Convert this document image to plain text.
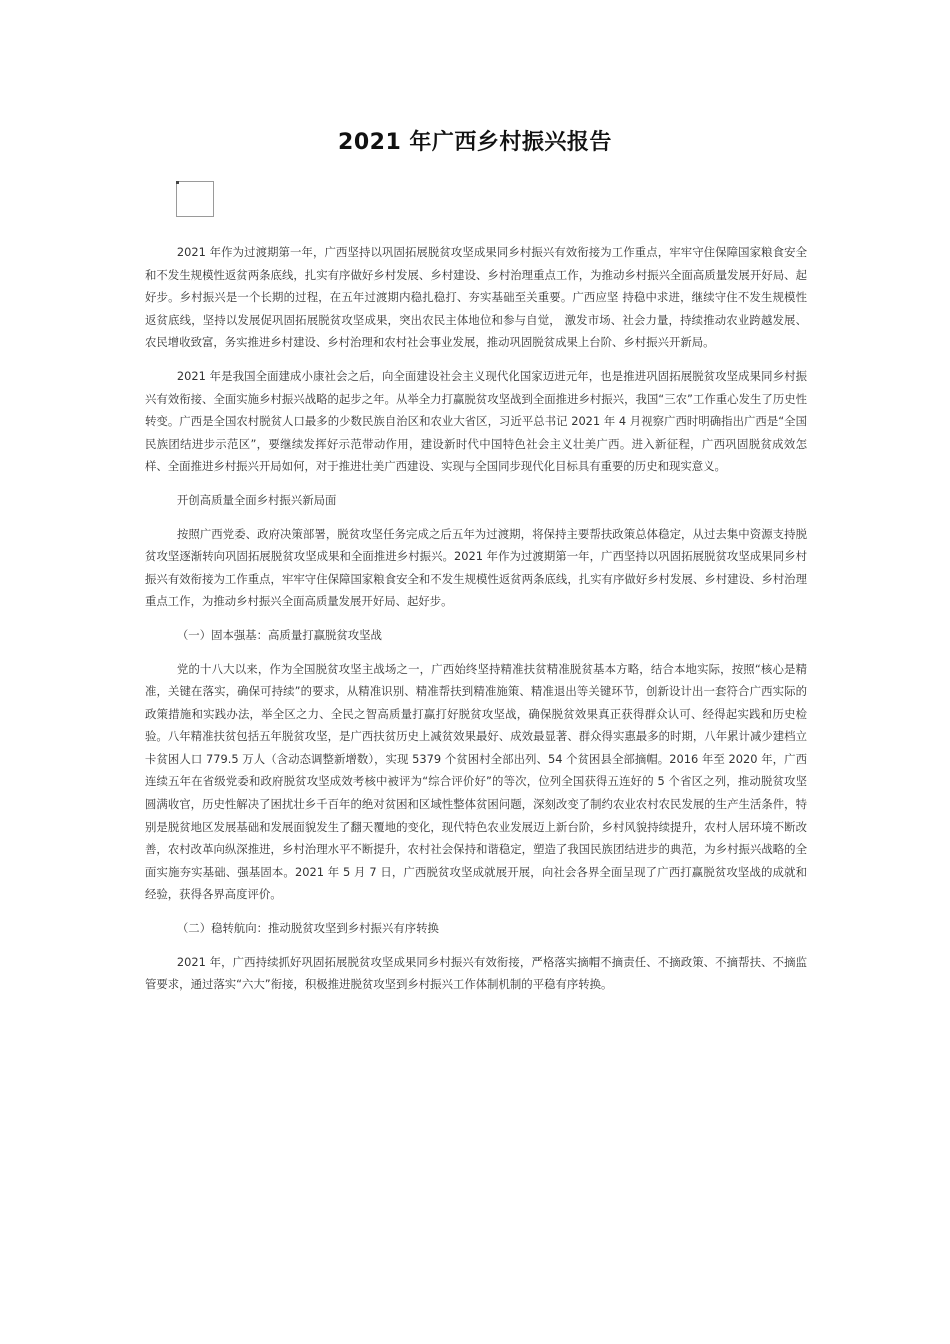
2021 年广西乡村振兴报告

2021 年作为过渡期第一年，广西坚持以巩固拓展脱贫攻坚成果同乡村振兴有效衔接为工作重点，牢牢守住保障国家粮食安全和不发生规模性返贫两条底线，扎实有序做好乡村发展、乡村建设、乡村治理重点工作，为推动乡村振兴全面高质量发展开好局、起好步。乡村振兴是一个长期的过程，在五年过渡期内稳扎稳打、夯实基础至关重要。广西应坚 持稳中求进，继续守住不发生规模性返贫底线，坚持以发展促巩固拓展脱贫攻坚成果，突出农民主体地位和参与自觉， 激发市场、社会力量，持续推动农业跨越发展、农民增收致富，务实推进乡村建设、乡村治理和农村社会事业发展，推动巩固脱贫成果上台阶、乡村振兴开新局。

2021 年是我国全面建成小康社会之后，向全面建设社会主义现代化国家迈进元年，也是推进巩固拓展脱贫攻坚成果同乡村振兴有效衔接、全面实施乡村振兴战略的起步之年。从举全力打赢脱贫攻坚战到全面推进乡村振兴，我国“三农”工作重心发生了历史性转变。广西是全国农村脱贫人口最多的少数民族自治区和农业大省区，习近平总书记 2021 年 4 月视察广西时明确指出广西是“全国民族团结进步示范区”，要继续发挥好示范带动作用，建设新时代中国特色社会主义壮美广西。进入新征程，广西巩固脱贫成效怎样、全面推进乡村振兴开局如何，对于推进壮美广西建设、实现与全国同步现代化目标具有重要的历史和现实意义。

开创高质量全面乡村振兴新局面

按照广西党委、政府决策部署，脱贫攻坚任务完成之后五年为过渡期，将保持主要帮扶政策总体稳定，从过去集中资源支持脱贫攻坚逐渐转向巩固拓展脱贫攻坚成果和全面推进乡村振兴。2021 年作为过渡期第一年，广西坚持以巩固拓展脱贫攻坚成果同乡村振兴有效衔接为工作重点，牢牢守住保障国家粮食安全和不发生规模性返贫两条底线，扎实有序做好乡村发展、乡村建设、乡村治理重点工作，为推动乡村振兴全面高质量发展开好局、起好步。

（一）固本强基：高质量打赢脱贫攻坚战

党的十八大以来，作为全国脱贫攻坚主战场之一，广西始终坚持精准扶贫精准脱贫基本方略，结合本地实际，按照“核心是精准，关键在落实，确保可持续”的要求，从精准识别、精准帮扶到精准施策、精准退出等关键环节，创新设计出一套符合广西实际的政策措施和实践办法，举全区之力、全民之智高质量打赢打好脱贫攻坚战，确保脱贫效果真正获得群众认可、经得起实践和历史检验。八年精准扶贫包括五年脱贫攻坚，是广西扶贫历史上减贫效果最好、成效最显著、群众得实惠最多的时期，八年累计减少建档立卡贫困人口 779.5 万人（含动态调整新增数），实现 5379 个贫困村全部出列、54 个贫困县全部摘帽。2016 年至 2020 年，广西连续五年在省级党委和政府脱贫攻坚成效考核中被评为“综合评价好”的等次，位列全国获得五连好的 5 个省区之列，推动脱贫攻坚圆满收官，历史性解决了困扰壮乡千百年的绝对贫困和区域性整体贫困问题，深刻改变了制约农业农村农民发展的生产生活条件，特别是脱贫地区发展基础和发展面貌发生了翻天覆地的变化，现代特色农业发展迈上新台阶，乡村风貌持续提升，农村人居环境不断改善，农村改革向纵深推进，乡村治理水平不断提升，农村社会保持和谐稳定，塑造了我国民族团结进步的典范，为乡村振兴战略的全面实施夯实基础、强基固本。2021 年 5 月 7 日，广西脱贫攻坚成就展开展，向社会各界全面呈现了广西打赢脱贫攻坚战的成就和经验，获得各界高度评价。

（二）稳转航向：推动脱贫攻坚到乡村振兴有序转换

2021 年，广西持续抓好巩固拓展脱贫攻坚成果同乡村振兴有效衔接，严格落实摘帽不摘责任、不摘政策、不摘帮扶、不摘监管要求，通过落实“六大”衔接，积极推进脱贫攻坚到乡村振兴工作体制机制的平稳有序转换。
